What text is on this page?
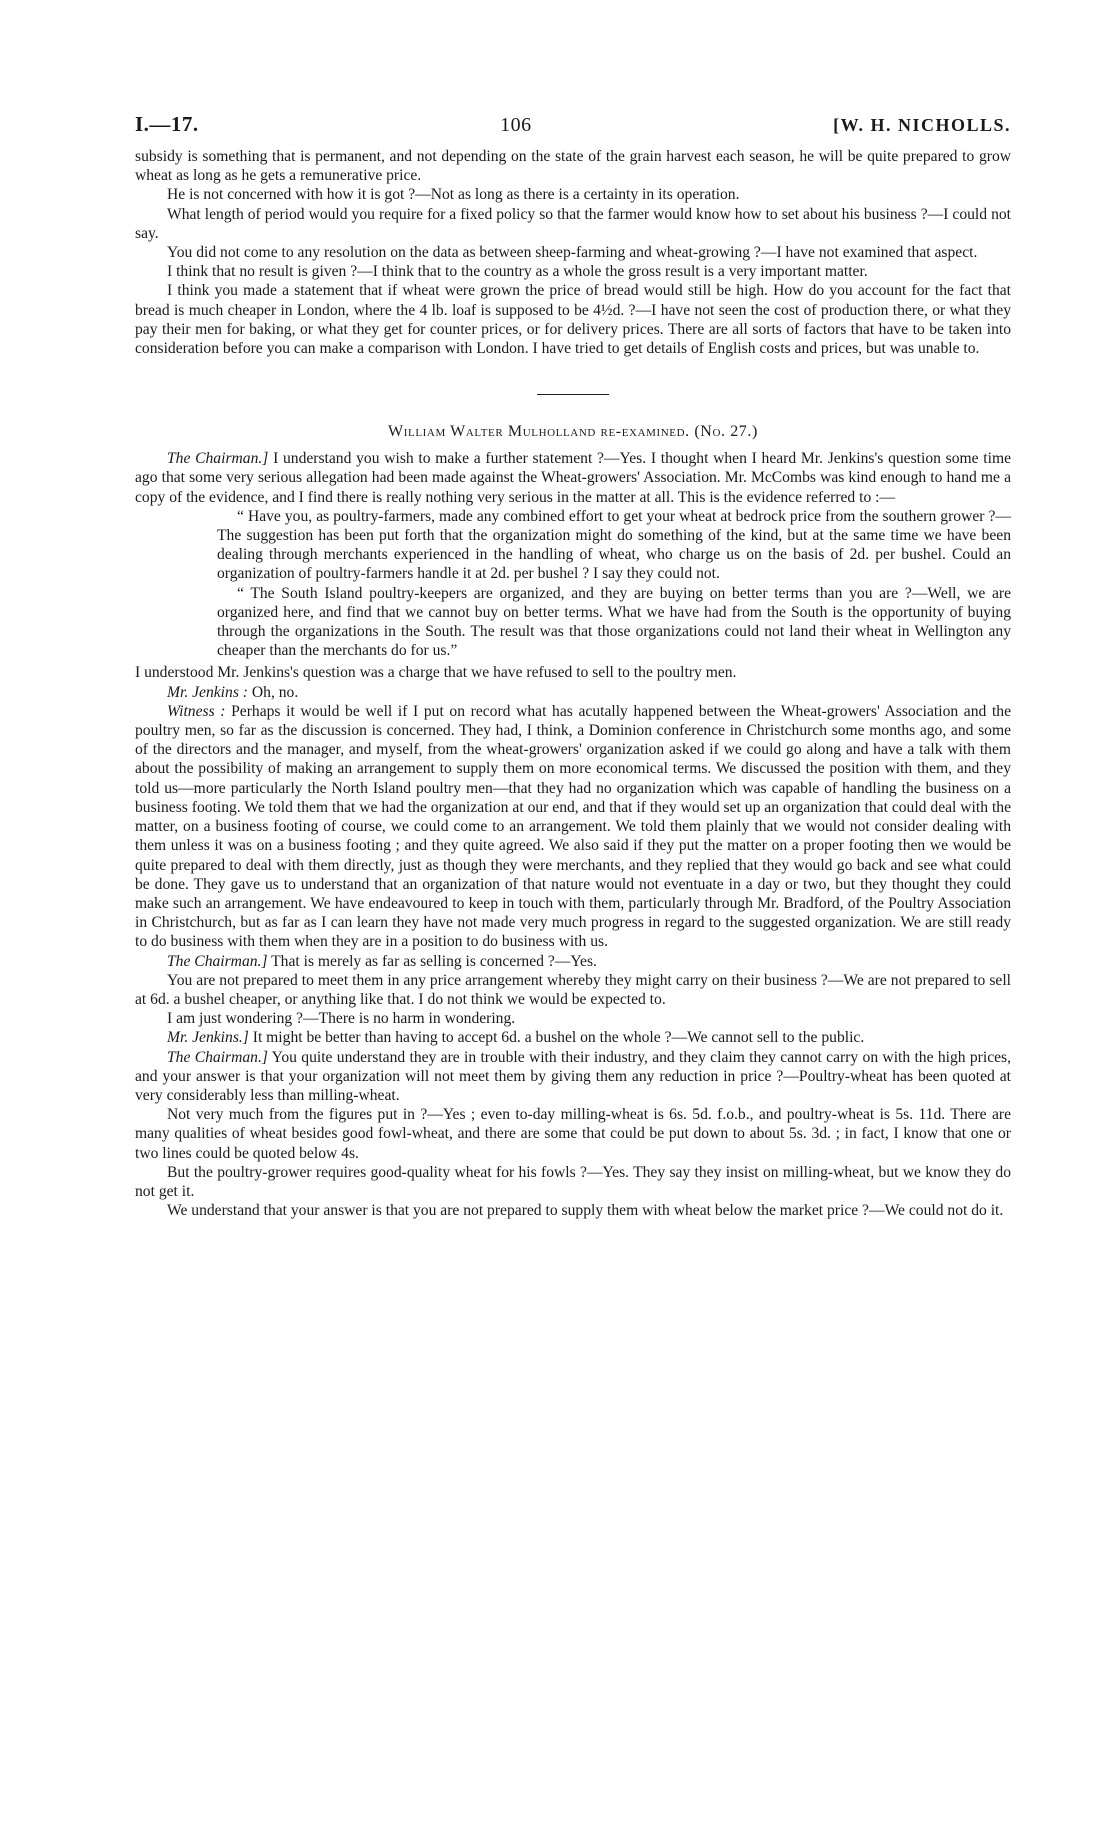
I.—17.	106	[W. H. NICHOLLS.

subsidy is something that is permanent, and not depending on the state of the grain harvest each season, he will be quite prepared to grow wheat as long as he gets a remunerative price.

He is not concerned with how it is got ?—Not as long as there is a certainty in its operation.

What length of period would you require for a fixed policy so that the farmer would know how to set about his business ?—I could not say.

You did not come to any resolution on the data as between sheep-farming and wheat-growing ?—I have not examined that aspect.

I think that no result is given ?—I think that to the country as a whole the gross result is a very important matter.

I think you made a statement that if wheat were grown the price of bread would still be high. How do you account for the fact that bread is much cheaper in London, where the 4 lb. loaf is supposed to be 4½d. ?—I have not seen the cost of production there, or what they pay their men for baking, or what they get for counter prices, or for delivery prices. There are all sorts of factors that have to be taken into consideration before you can make a comparison with London. I have tried to get details of English costs and prices, but was unable to.

William Walter Mulholland re-examined. (No. 27.)

The Chairman.] I understand you wish to make a further statement ?—Yes. I thought when I heard Mr. Jenkins's question some time ago that some very serious allegation had been made against the Wheat-growers' Association. Mr. McCombs was kind enough to hand me a copy of the evidence, and I find there is really nothing very serious in the matter at all. This is the evidence referred to :—

“ Have you, as poultry-farmers, made any combined effort to get your wheat at bedrock price from the southern grower ?—The suggestion has been put forth that the organization might do something of the kind, but at the same time we have been dealing through merchants experienced in the handling of wheat, who charge us on the basis of 2d. per bushel. Could an organization of poultry-farmers handle it at 2d. per bushel ? I say they could not.

“ The South Island poultry-keepers are organized, and they are buying on better terms than you are ?—Well, we are organized here, and find that we cannot buy on better terms. What we have had from the South is the opportunity of buying through the organizations in the South. The result was that those organizations could not land their wheat in Wellington any cheaper than the merchants do for us.”

I understood Mr. Jenkins's question was a charge that we have refused to sell to the poultry men.

Mr. Jenkins : Oh, no.

Witness : Perhaps it would be well if I put on record what has acutally happened between the Wheat-growers' Association and the poultry men, so far as the discussion is concerned. They had, I think, a Dominion conference in Christchurch some months ago, and some of the directors and the manager, and myself, from the wheat-growers' organization asked if we could go along and have a talk with them about the possibility of making an arrangement to supply them on more economical terms. We discussed the position with them, and they told us—more particularly the North Island poultry men—that they had no organization which was capable of handling the business on a business footing. We told them that we had the organization at our end, and that if they would set up an organization that could deal with the matter, on a business footing of course, we could come to an arrangement. We told them plainly that we would not consider dealing with them unless it was on a business footing ; and they quite agreed. We also said if they put the matter on a proper footing then we would be quite prepared to deal with them directly, just as though they were merchants, and they replied that they would go back and see what could be done. They gave us to understand that an organization of that nature would not eventuate in a day or two, but they thought they could make such an arrangement. We have endeavoured to keep in touch with them, particularly through Mr. Bradford, of the Poultry Association in Christchurch, but as far as I can learn they have not made very much progress in regard to the suggested organization. We are still ready to do business with them when they are in a position to do business with us.

The Chairman.] That is merely as far as selling is concerned ?—Yes.

You are not prepared to meet them in any price arrangement whereby they might carry on their business ?—We are not prepared to sell at 6d. a bushel cheaper, or anything like that. I do not think we would be expected to.

I am just wondering ?—There is no harm in wondering.

Mr. Jenkins.] It might be better than having to accept 6d. a bushel on the whole ?—We cannot sell to the public.

The Chairman.] You quite understand they are in trouble with their industry, and they claim they cannot carry on with the high prices, and your answer is that your organization will not meet them by giving them any reduction in price ?—Poultry-wheat has been quoted at very considerably less than milling-wheat.

Not very much from the figures put in ?—Yes ; even to-day milling-wheat is 6s. 5d. f.o.b., and poultry-wheat is 5s. 11d. There are many qualities of wheat besides good fowl-wheat, and there are some that could be put down to about 5s. 3d. ; in fact, I know that one or two lines could be quoted below 4s.

But the poultry-grower requires good-quality wheat for his fowls ?—Yes. They say they insist on milling-wheat, but we know they do not get it.

We understand that your answer is that you are not prepared to supply them with wheat below the market price ?—We could not do it.
